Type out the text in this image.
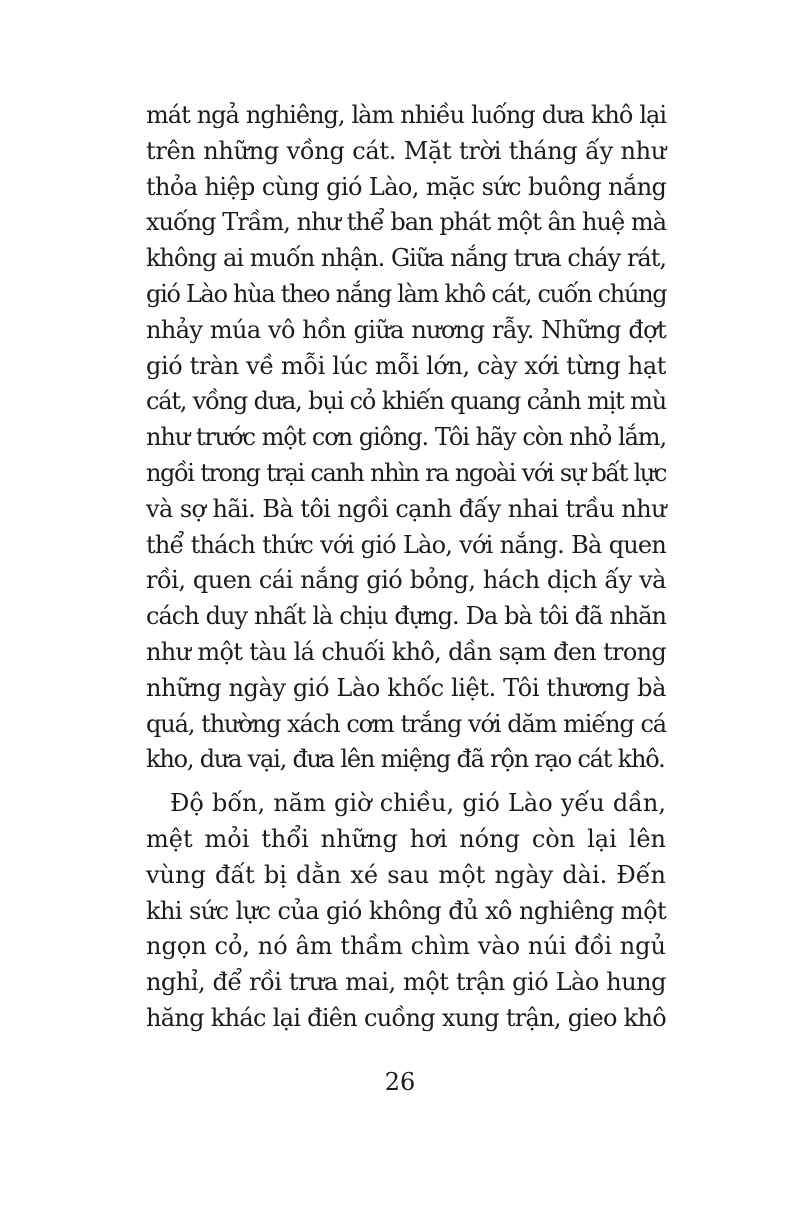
mát ngả nghiêng, làm nhiều luống dưa khô lại
trên những vồng cát. Mặt trời tháng ấy như
thỏa hiệp cùng gió Lào, mặc sức buông nắng
xuống Trầm, như thể ban phát một ân huệ mà
không ai muốn nhận. Giữa nắng trưa cháy rát,
gió Lào hùa theo nắng làm khô cát, cuốn chúng
nhảy múa vô hồn giữa nương rẫy. Những đợt
gió tràn về mỗi lúc mỗi lớn, cày xới từng hạt
cát, vồng dưa, bụi cỏ khiến quang cảnh mịt mù
như trước một cơn giông. Tôi hãy còn nhỏ lắm,
ngồi trong trại canh nhìn ra ngoài với sự bất lực
và sợ hãi. Bà tôi ngồi cạnh đấy nhai trầu như
thể thách thức với gió Lào, với nắng. Bà quen
rồi, quen cái nắng gió bỏng, hách dịch ấy và
cách duy nhất là chịu đựng. Da bà tôi đã nhăn
như một tàu lá chuối khô, dần sạm đen trong
những ngày gió Lào khốc liệt. Tôi thương bà
quá, thường xách cơm trắng với dăm miếng cá
kho, dưa vại, đưa lên miệng đã rộn rạo cát khô.
Độ bốn, năm giờ chiều, gió Lào yếu dần,
mệt mỏi thổi những hơi nóng còn lại lên
vùng đất bị dằn xé sau một ngày dài. Đến
khi sức lực của gió không đủ xô nghiêng một
ngọn cỏ, nó âm thầm chìm vào núi đồi ngủ
nghỉ, để rồi trưa mai, một trận gió Lào hung
hăng khác lại điên cuồng xung trận, gieo khô
26
